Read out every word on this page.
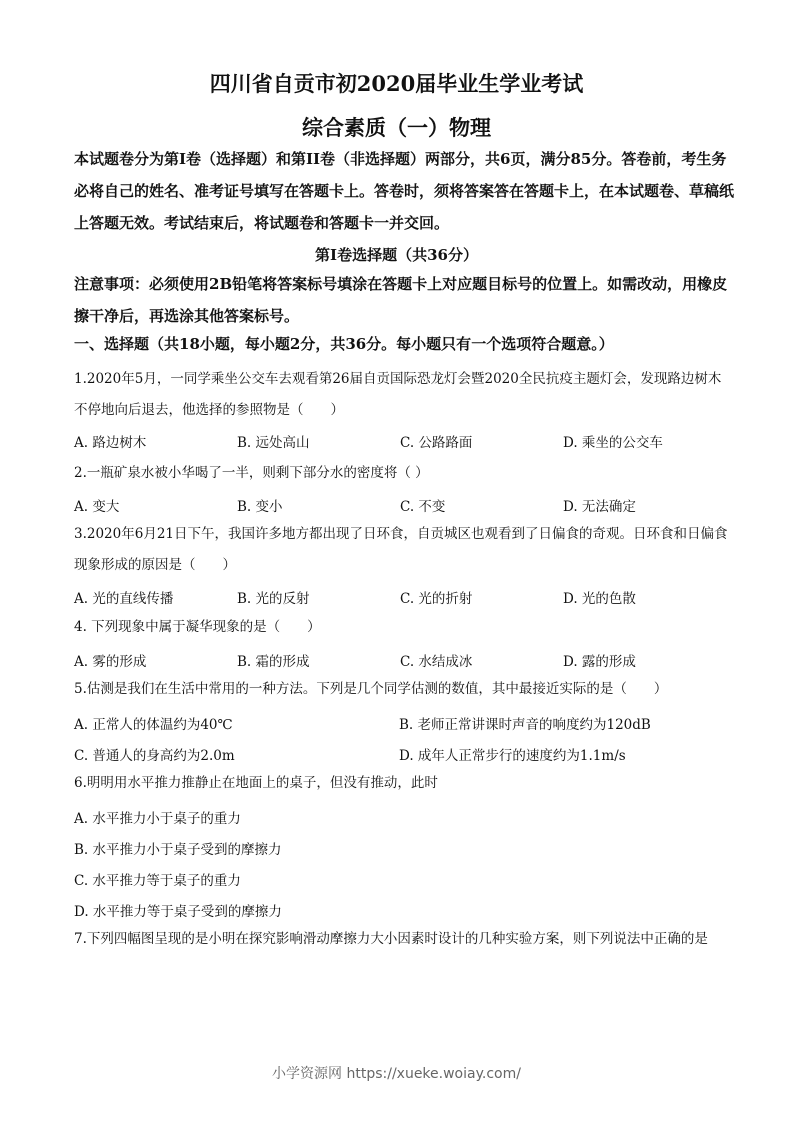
四川省自贡市初2020届毕业生学业考试
综合素质（一）物理
本试题卷分为第I卷（选择题）和第II卷（非选择题）两部分，共6页，满分85分。答卷前，考生务必将自己的姓名、准考证号填写在答题卡上。答卷时，须将答案答在答题卡上，在本试题卷、草稿纸上答题无效。考试结束后，将试题卷和答题卡一并交回。
第I卷选择题（共36分）
注意事项：必须使用2B铅笔将答案标号填涂在答题卡上对应题目标号的位置上。如需改动，用橡皮擦干净后，再选涂其他答案标号。
一、选择题（共18小题，每小题2分，共36分。每小题只有一个选项符合题意。）
1.2020年5月，一同学乘坐公交车去观看第26届自贡国际恐龙灯会暨2020全民抗疫主题灯会，发现路边树木不停地向后退去，他选择的参照物是（　　）
A. 路边树木	B. 远处高山	C. 公路路面	D. 乘坐的公交车
2.一瓶矿泉水被小华喝了一半，则剩下部分水的密度将（ ）
A. 变大	B. 变小	C. 不变	D. 无法确定
3.2020年6月21日下午，我国许多地方都出现了日环食，自贡城区也观看到了日偏食的奇观。日环食和日偏食现象形成的原因是（　　）
A. 光的直线传播	B. 光的反射	C. 光的折射	D. 光的色散
4. 下列现象中属于凝华现象的是（　　）
A. 雾的形成	B. 霜的形成	C. 水结成冰	D. 露的形成
5.估测是我们在生活中常用的一种方法。下列是几个同学估测的数值，其中最接近实际的是（　　）
A. 正常人的体温约为40℃	B. 老师正常讲课时声音的响度约为120dB
C. 普通人的身高约为2.0m	D. 成年人正常步行的速度约为1.1m/s
6.明明用水平推力推静止在地面上的桌子，但没有推动，此时
A. 水平推力小于桌子的重力
B. 水平推力小于桌子受到的摩擦力
C. 水平推力等于桌子的重力
D. 水平推力等于桌子受到的摩擦力
7.下列四幅图呈现的是小明在探究影响滑动摩擦力大小因素时设计的几种实验方案，则下列说法中正确的是
小学资源网 https://xueke.woiay.com/
